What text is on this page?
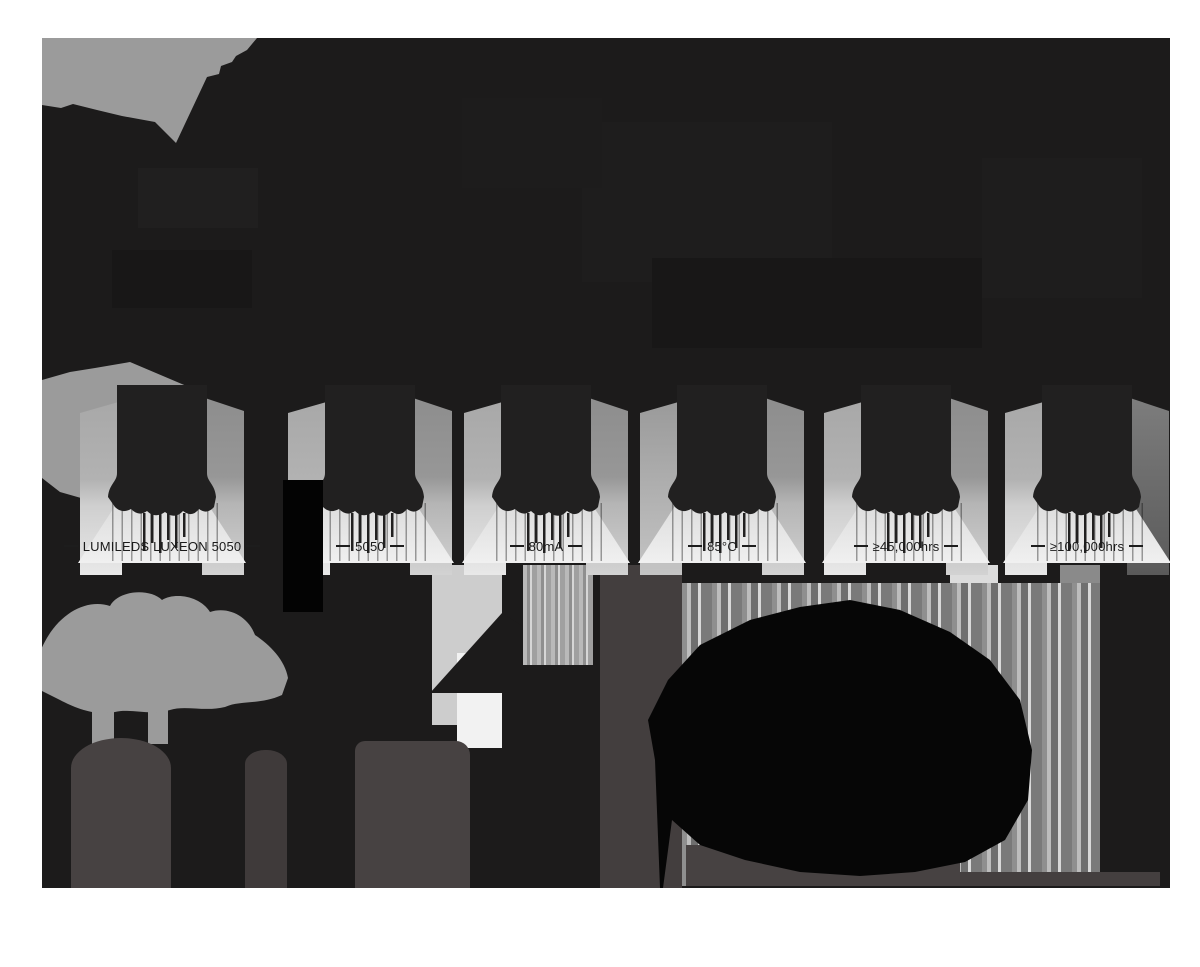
LUMILEDS LUXEON 5050	5050	80mA	85°C	≥45,000hrs	≥100,000hrs
